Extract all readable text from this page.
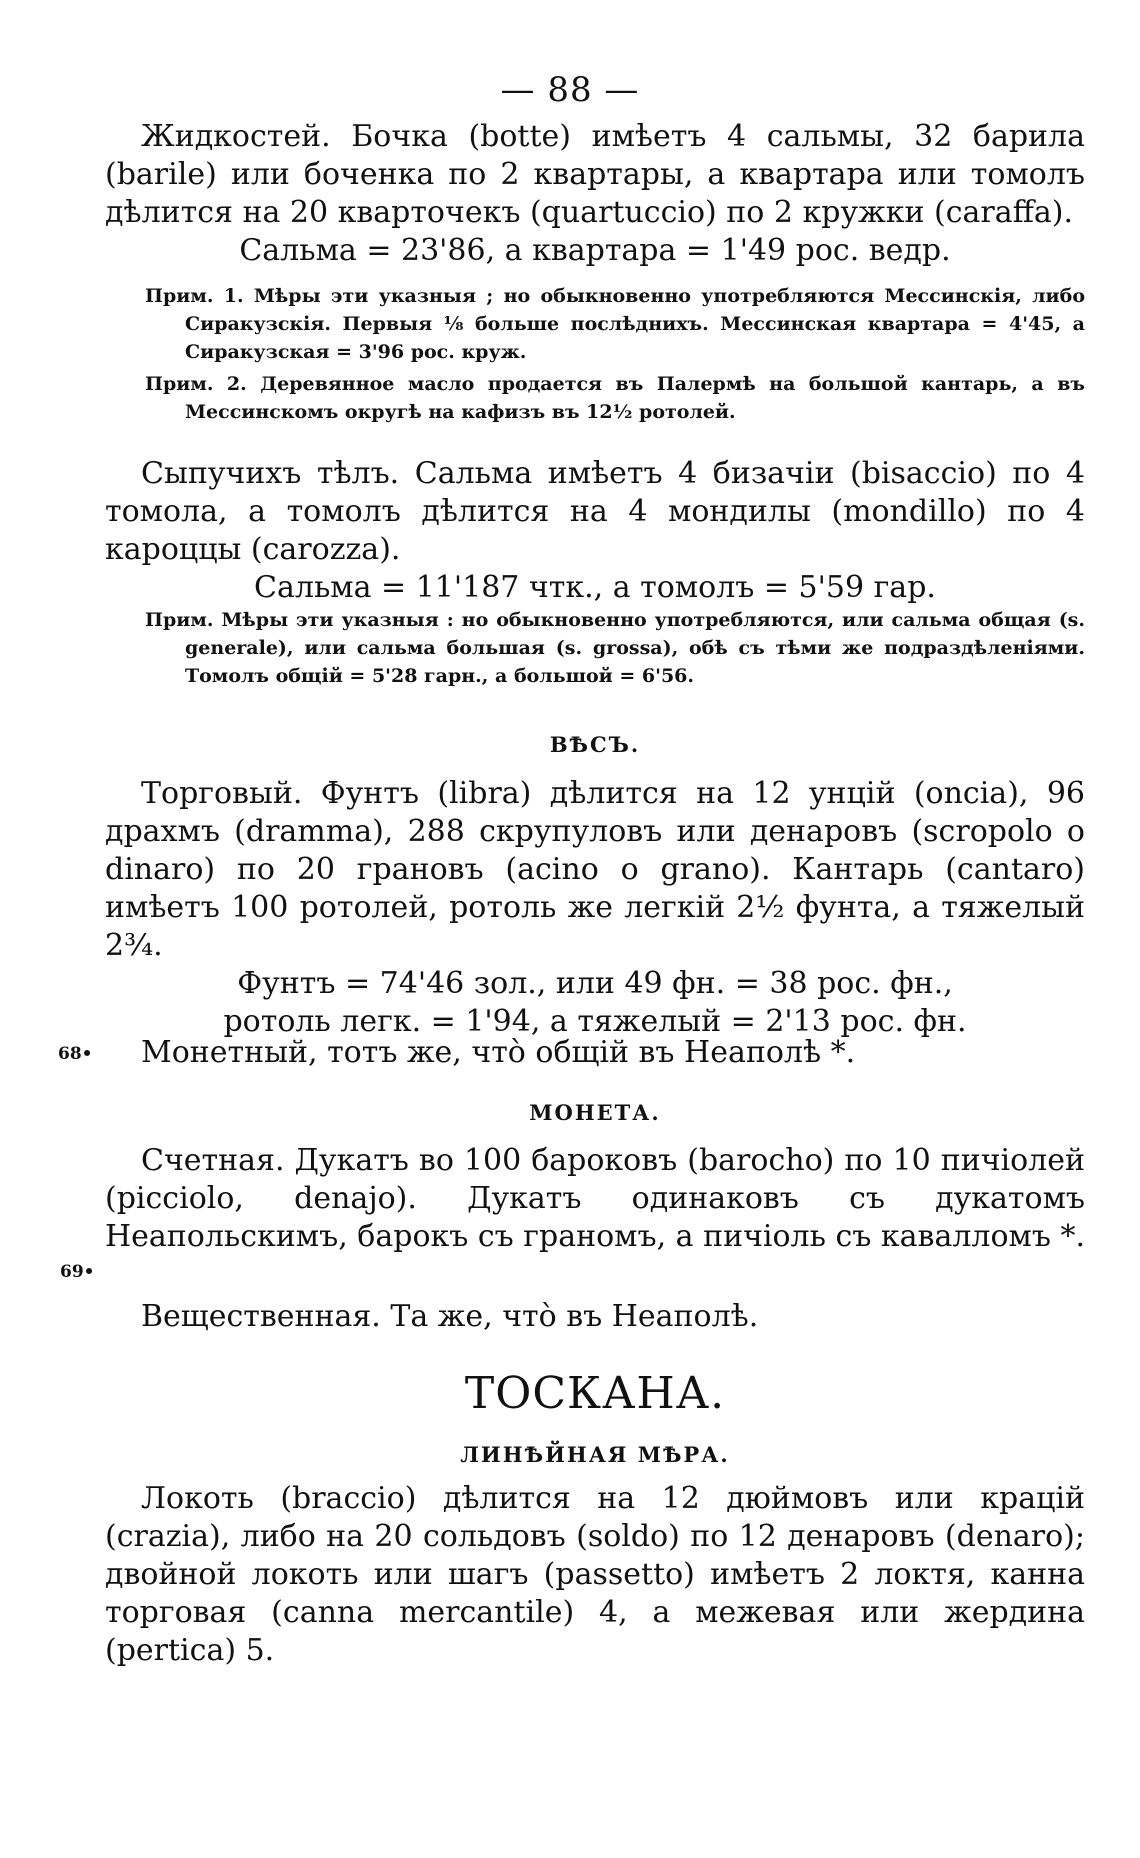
— 88 —

Жидкостей. Бочка (botte) имѣетъ 4 сальмы, 32 барила (barile) или боченка по 2 квартары, а квартара или томолъ дѣлится на 20 кварточекъ (quartuccio) по 2 кружки (caraffa).

Сальма = 23'86, а квартара = 1'49 рос. ведр.

Прим. 1. Мѣры эти указныя ; но обыкновенно употребляются Мессинскія, либо Сиракузскія. Первыя ⅛ больше послѣднихъ. Мессинская квартара = 4'45, а Сиракузская = 3'96 рос. круж.

Прим. 2. Деревянное масло продается въ Палермѣ на большой кантарь, а въ Мессинскомъ округѣ на кафизъ въ 12½ ротолей.

Сыпучихъ тѣлъ. Сальма имѣетъ 4 бизачіи (bisaccio) по 4 томола, а томолъ дѣлится на 4 мондилы (mondillo) по 4 кароццы (carozza).

Сальма = 11'187 чтк., а томолъ = 5'59 гар.

Прим. Мѣры эти указныя : но обыкновенно употребляются, или сальма общая (s. generale), или сальма большая (s. grossa), обѣ съ тѣми же подраздѣленіями. Томолъ общій = 5'28 гарн., а большой = 6'56.

ВѢСЪ.

Торговый. Фунтъ (libra) дѣлится на 12 унцій (oncia), 96 драхмъ (dramma), 288 скрупуловъ или денаровъ (scropolo o dinaro) по 20 грановъ (acino o grano). Кантарь (cantaro) имѣетъ 100 ротолей, ротоль же легкій 2½ фунта, а тяжелый 2¾.

Фунтъ = 74'46 зол., или 49 фн. = 38 рос. фн.,

ротоль легк. = 1'94, а тяжелый = 2'13 рос. фн.

68•	Монетный, тотъ же, что̀ общій въ Неаполѣ *.

МОНЕТА.

Счетная. Дукатъ во 100 бароковъ (barocho) по 10 пичіолей (picciolo, denajo). Дукатъ одинаковъ съ дукатомъ Неапольскимъ, барокъ съ граномъ, а пичіоль съ кавалломъ *.

69•

Вещественная. Та же, что̀ въ Неаполѣ.

ТОСКАНА.

ЛИНѢЙНАЯ МѢРА.

Локоть (braccio) дѣлится на 12 дюймовъ или крацій (crazia), либо на 20 сольдовъ (soldo) по 12 денаровъ (denaro); двойной локоть или шагъ (passetto) имѣетъ 2 локтя, канна торговая (canna mercantile) 4, а межевая или жердина (pertica) 5.
